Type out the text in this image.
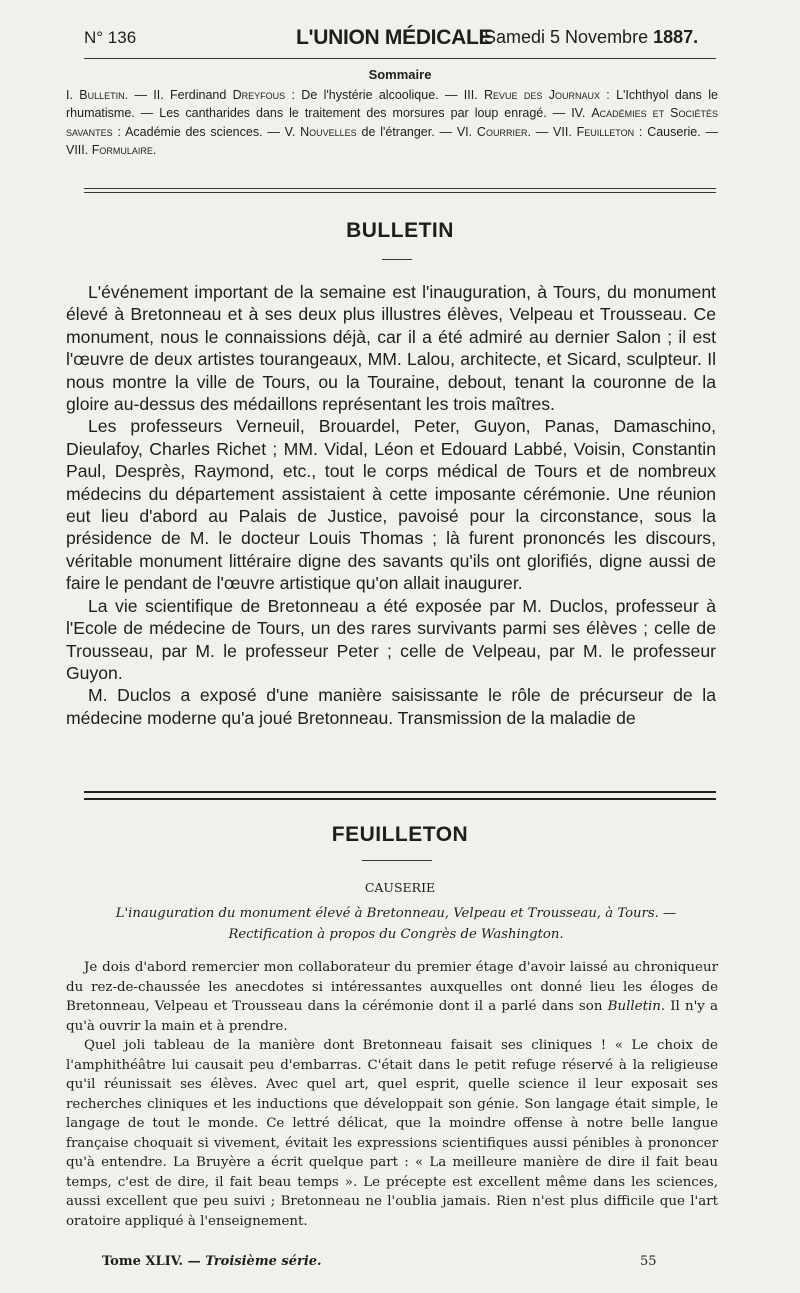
N° 136	L'UNION MÉDICALE
Samedi 5 Novembre 1887.
Sommaire
I. Bulletin. — II. Ferdinand Dreyfous : De l'hystérie alcoolique. — III. Revue des Journaux : L'Ichthyol dans le rhumatisme. — Les cantharides dans le traitement des morsures par loup enragé. — IV. Académies et Sociétés savantes : Académie des sciences. — V. Nouvelles de l'étranger. — VI. Courrier. — VII. Feuilleton : Causerie. — VIII. Formulaire.
BULLETIN

L'événement important de la semaine est l'inauguration, à Tours, du monument élevé à Bretonneau et à ses deux plus illustres élèves, Velpeau et Trousseau. Ce monument, nous le connaissions déjà, car il a été admiré au dernier Salon ; il est l'œuvre de deux artistes tourangeaux, MM. Lalou, architecte, et Sicard, sculpteur. Il nous montre la ville de Tours, ou la Touraine, debout, tenant la couronne de la gloire au-dessus des médaillons représentant les trois maîtres.

Les professeurs Verneuil, Brouardel, Peter, Guyon, Panas, Damaschino, Dieulafoy, Charles Richet ; MM. Vidal, Léon et Edouard Labbé, Voisin, Constantin Paul, Desprès, Raymond, etc., tout le corps médical de Tours et de nombreux médecins du département assistaient à cette imposante cérémonie. Une réunion eut lieu d'abord au Palais de Justice, pavoisé pour la circonstance, sous la présidence de M. le docteur Louis Thomas ; là furent prononcés les discours, véritable monument littéraire digne des savants qu'ils ont glorifiés, digne aussi de faire le pendant de l'œuvre artistique qu'on allait inaugurer.

La vie scientifique de Bretonneau a été exposée par M. Duclos, professeur à l'Ecole de médecine de Tours, un des rares survivants parmi ses élèves ; celle de Trousseau, par M. le professeur Peter ; celle de Velpeau, par M. le professeur Guyon.

M. Duclos a exposé d'une manière saisissante le rôle de précurseur de la médecine moderne qu'a joué Bretonneau. Transmission de la maladie de

FEUILLETON
CAUSERIE
L'inauguration du monument élevé à Bretonneau, Velpeau et Trousseau, à Tours. —
Rectification à propos du Congrès de Washington.

Je dois d'abord remercier mon collaborateur du premier étage d'avoir laissé au chroniqueur du rez-de-chaussée les anecdotes si intéressantes auxquelles ont donné lieu les éloges de Bretonneau, Velpeau et Trousseau dans la cérémonie dont il a parlé dans son Bulletin. Il n'y a qu'à ouvrir la main et à prendre.

Quel joli tableau de la manière dont Bretonneau faisait ses cliniques ! « Le choix de l'amphithéâtre lui causait peu d'embarras. C'était dans le petit refuge réservé à la religieuse qu'il réunissait ses élèves. Avec quel art, quel esprit, quelle science il leur exposait ses recherches cliniques et les inductions que développait son génie. Son langage était simple, le langage de tout le monde. Ce lettré délicat, que la moindre offense à notre belle langue française choquait si vivement, évitait les expressions scientifiques aussi pénibles à prononcer qu'à entendre. La Bruyère a écrit quelque part : « La meilleure manière de dire il fait beau temps, c'est de dire, il fait beau temps ». Le précepte est excellent même dans les sciences, aussi excellent que peu suivi ; Bretonneau ne l'oublia jamais. Rien n'est plus difficile que l'art oratoire appliqué à l'enseignement.

Tome XLIV. — Troisième série.	55
